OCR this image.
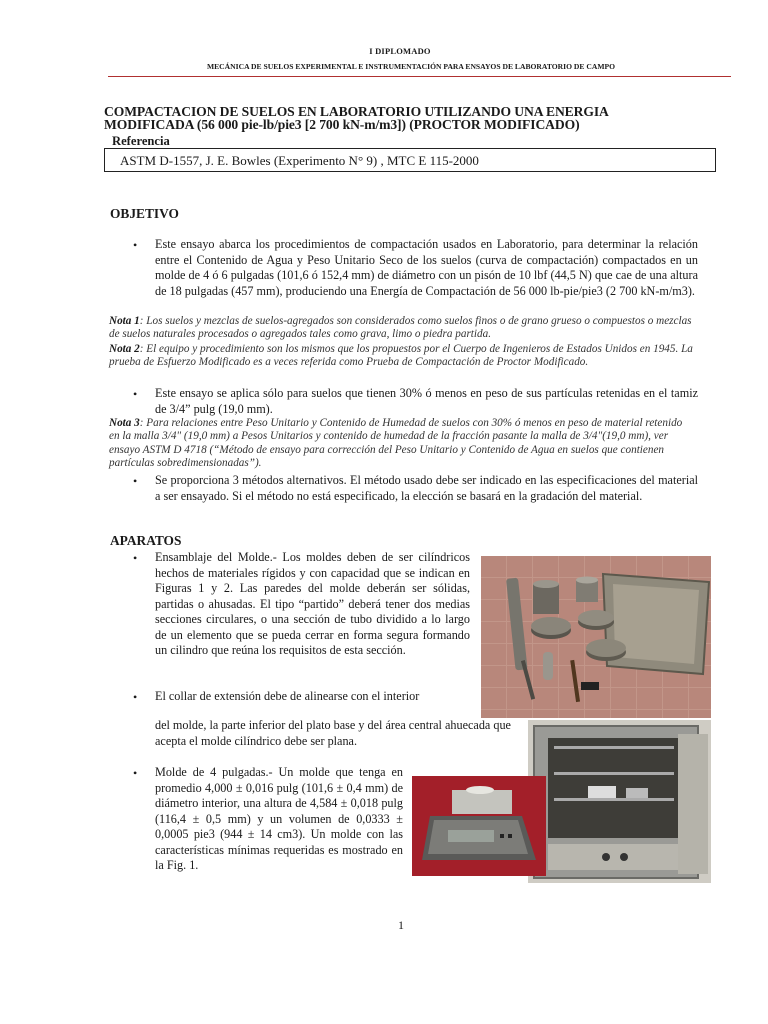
I DIPLOMADO
MECÁNICA DE SUELOS EXPERIMENTAL E INSTRUMENTACIÓN PARA ENSAYOS DE LABORATORIO DE CAMPO
COMPACTACION DE SUELOS EN LABORATORIO UTILIZANDO UNA ENERGIA
MODIFICADA (56 000 pie-lb/pie3 [2 700 kN-m/m3]) (PROCTOR MODIFICADO)
Referencia
ASTM D-1557, J. E. Bowles (Experimento N° 9) , MTC E 115-2000
OBJETIVO
• Este ensayo abarca los procedimientos de compactación usados en Laboratorio, para determinar la relación entre el Contenido de Agua y Peso Unitario Seco de los suelos (curva de compactación) compactados en un molde de 4 ó 6 pulgadas (101,6 ó 152,4 mm) de diámetro con un pisón de 10 lbf (44,5 N) que cae de una altura de 18 pulgadas (457 mm), produciendo una Energía de Compactación de 56 000 lb-pie/pie3 (2 700 kN-m/m3).
Nota 1: Los suelos y mezclas de suelos-agregados son considerados como suelos finos o de grano grueso o compuestos o mezclas de suelos naturales procesados o agregados tales como grava, limo o piedra partida.
Nota 2: El equipo y procedimiento son los mismos que los propuestos por el Cuerpo de Ingenieros de Estados Unidos en 1945. La prueba de Esfuerzo Modificado es a veces referida como Prueba de Compactación de Proctor Modificado.
• Este ensayo se aplica sólo para suelos que tienen 30% ó menos en peso de sus partículas retenidas en el tamiz de 3/4” pulg (19,0 mm).
Nota 3: Para relaciones entre Peso Unitario y Contenido de Humedad de suelos con 30% ó menos en peso de material retenido en la malla 3/4" (19,0 mm) a Pesos Unitarios y contenido de humedad de la fracción pasante la malla de 3/4"(19,0 mm), ver ensayo ASTM D 4718 (“Método de ensayo para corrección del Peso Unitario y Contenido de Agua en suelos que contienen partículas sobredimensionadas”).
• Se proporciona 3 métodos alternativos. El método usado debe ser indicado en las especificaciones del material a ser ensayado. Si el método no está especificado, la elección se basará en la gradación del material.
APARATOS
• Ensamblaje del Molde.- Los moldes deben de ser cilíndricos hechos de materiales rígidos y con capacidad que se indican en Figuras 1 y 2. Las paredes del molde deberán ser sólidas, partidas o ahusadas. El tipo “partido” deberá tener dos medias secciones circulares, o una sección de tubo dividido a lo largo de un elemento que se pueda cerrar en forma segura formando un cilindro que reúna los requisitos de esta sección.
• El collar de extensión debe de alinearse con el interior
del molde, la parte inferior del plato base y del área central ahuecada que acepta el molde cilíndrico debe ser plana.
• Molde de 4 pulgadas.- Un molde que tenga en promedio 4,000 ± 0,016 pulg (101,6 ± 0,4 mm) de diámetro interior, una altura de 4,584 ± 0,018 pulg (116,4 ± 0,5 mm) y un volumen de 0,0333 ± 0,0005 pie3 (944 ± 14 cm3). Un molde con las características mínimas requeridas es mostrado en la Fig. 1.
1
